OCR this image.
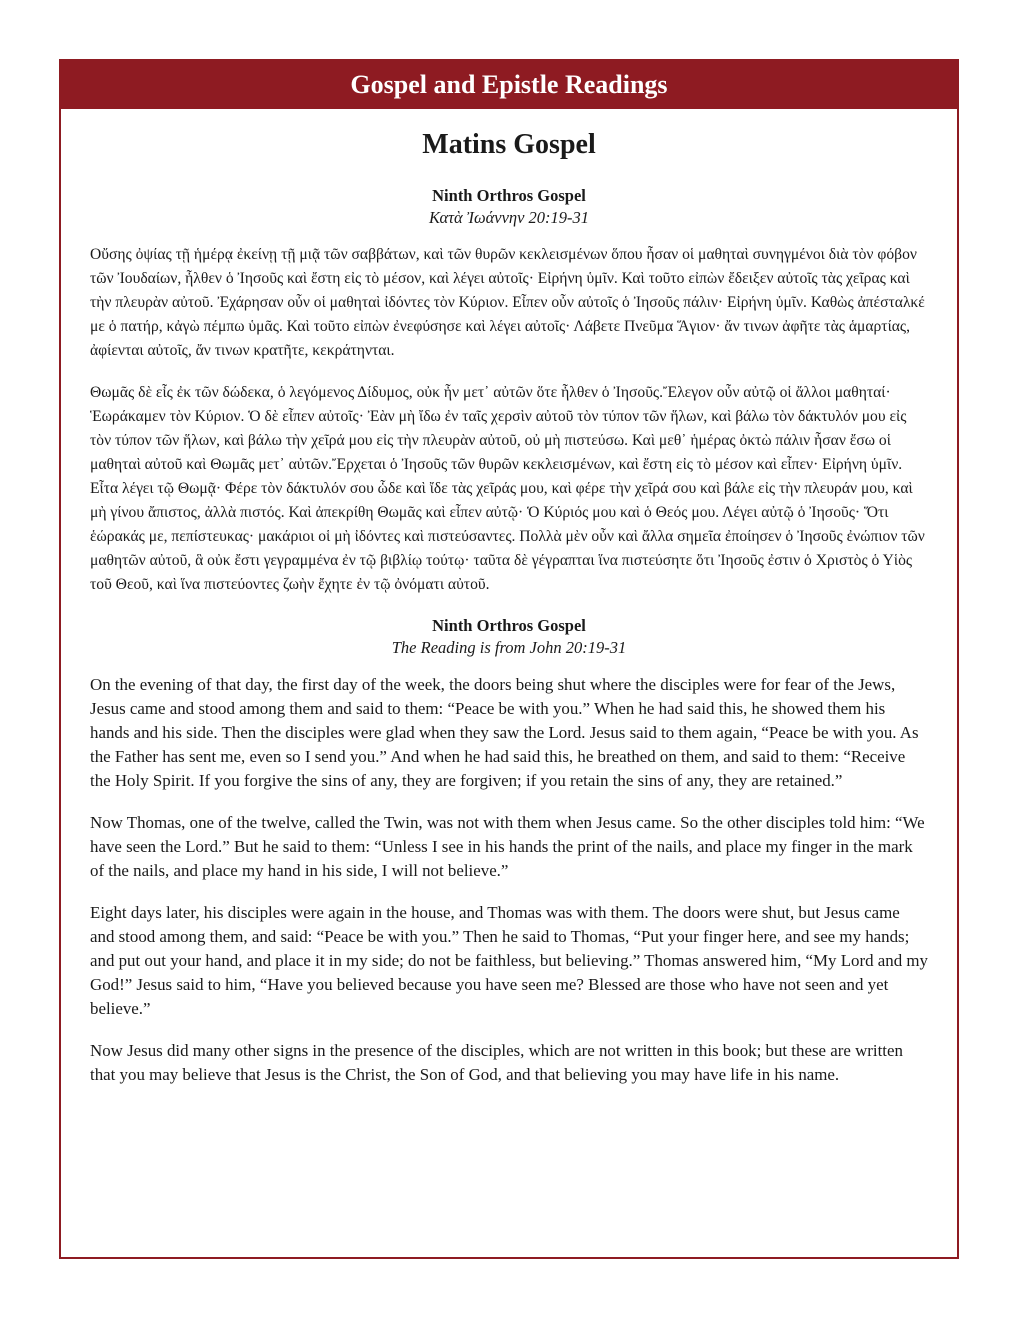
Gospel and Epistle Readings
Matins Gospel
Ninth Orthros Gospel
Κατὰ Ἰωάννην 20:19-31

Οὔσης ὀψίας τῇ ἡμέρᾳ ἐκείνῃ τῇ μιᾷ τῶν σαββάτων, καὶ τῶν θυρῶν κεκλεισμένων ὅπου ἦσαν οἱ μαθηταὶ συνηγμένοι διὰ τὸν φόβον τῶν Ἰουδαίων, ἦλθεν ὁ Ἰησοῦς καὶ ἔστη εἰς τὸ μέσον, καὶ λέγει αὐτοῖς· Εἰρήνη ὑμῖν. Καὶ τοῦτο εἰπὼν ἔδειξεν αὐτοῖς τὰς χεῖρας καὶ τὴν πλευρὰν αὐτοῦ. Ἐχάρησαν οὖν οἱ μαθηταὶ ἰδόντες τὸν Κύριον. Εἶπεν οὖν αὐτοῖς ὁ Ἰησοῦς πάλιν· Εἰρήνη ὑμῖν. Καθὼς ἀπέσταλκέ με ὁ πατήρ, κἀγὼ πέμπω ὑμᾶς. Καὶ τοῦτο εἰπὼν ἐνεφύσησε καὶ λέγει αὐτοῖς· Λάβετε Πνεῦμα Ἅγιον· ἄν τινων ἀφῆτε τὰς ἁμαρτίας, ἀφίενται αὐτοῖς, ἄν τινων κρατῆτε, κεκράτηνται.

Θωμᾶς δὲ εἷς ἐκ τῶν δώδεκα, ὁ λεγόμενος Δίδυμος, οὐκ ἦν μετ᾽ αὐτῶν ὅτε ἦλθεν ὁ Ἰησοῦς.Ἔλεγον οὖν αὐτῷ οἱ ἄλλοι μαθηταί· Ἑωράκαμεν τὸν Κύριον. Ὁ δὲ εἶπεν αὐτοῖς· Ἐὰν μὴ ἴδω ἐν ταῖς χερσὶν αὐτοῦ τὸν τύπον τῶν ἥλων, καὶ βάλω τὸν δάκτυλόν μου εἰς τὸν τύπον τῶν ἥλων, καὶ βάλω τὴν χεῖρά μου εἰς τὴν πλευρὰν αὐτοῦ, οὐ μὴ πιστεύσω. Καὶ μεθ᾽ ἡμέρας ὀκτὼ πάλιν ἦσαν ἔσω οἱ μαθηταὶ αὐτοῦ καὶ Θωμᾶς μετ᾽ αὐτῶν.Ἔρχεται ὁ Ἰησοῦς τῶν θυρῶν κεκλεισμένων, καὶ ἔστη εἰς τὸ μέσον καὶ εἶπεν· Εἰρήνη ὑμῖν. Εἶτα λέγει τῷ Θωμᾷ· Φέρε τὸν δάκτυλόν σου ὧδε καὶ ἴδε τὰς χεῖράς μου, καὶ φέρε τὴν χεῖρά σου καὶ βάλε εἰς τὴν πλευράν μου, καὶ μὴ γίνου ἄπιστος, ἀλλὰ πιστός. Καὶ ἀπεκρίθη Θωμᾶς καὶ εἶπεν αὐτῷ· Ὁ Κύριός μου καὶ ὁ Θεός μου. Λέγει αὐτῷ ὁ Ἰησοῦς· Ὅτι ἑώρακάς με, πεπίστευκας· μακάριοι οἱ μὴ ἰδόντες καὶ πιστεύσαντες. Πολλὰ μὲν οὖν καὶ ἄλλα σημεῖα ἐποίησεν ὁ Ἰησοῦς ἐνώπιον τῶν μαθητῶν αὐτοῦ, ἃ οὐκ ἔστι γεγραμμένα ἐν τῷ βιβλίῳ τούτῳ· ταῦτα δὲ γέγραπται ἵνα πιστεύσητε ὅτι Ἰησοῦς ἐστιν ὁ Χριστὸς ὁ Υἱὸς τοῦ Θεοῦ, καὶ ἵνα πιστεύοντες ζωὴν ἔχητε ἐν τῷ ὀνόματι αὐτοῦ.

Ninth Orthros Gospel
The Reading is from John 20:19-31

On the evening of that day, the first day of the week, the doors being shut where the disciples were for fear of the Jews, Jesus came and stood among them and said to them: “Peace be with you.” When he had said this, he showed them his hands and his side. Then the disciples were glad when they saw the Lord. Jesus said to them again, “Peace be with you. As the Father has sent me, even so I send you.” And when he had said this, he breathed on them, and said to them: “Receive the Holy Spirit. If you forgive the sins of any, they are forgiven; if you retain the sins of any, they are retained.”

Now Thomas, one of the twelve, called the Twin, was not with them when Jesus came. So the other disciples told him: “We have seen the Lord.” But he said to them: “Unless I see in his hands the print of the nails, and place my finger in the mark of the nails, and place my hand in his side, I will not believe.”

Eight days later, his disciples were again in the house, and Thomas was with them. The doors were shut, but Jesus came and stood among them, and said: “Peace be with you.” Then he said to Thomas, “Put your finger here, and see my hands; and put out your hand, and place it in my side; do not be faithless, but believing.” Thomas answered him, “My Lord and my God!” Jesus said to him, “Have you believed because you have seen me? Blessed are those who have not seen and yet believe.”

Now Jesus did many other signs in the presence of the disciples, which are not written in this book; but these are written that you may believe that Jesus is the Christ, the Son of God, and that believing you may have life in his name.
